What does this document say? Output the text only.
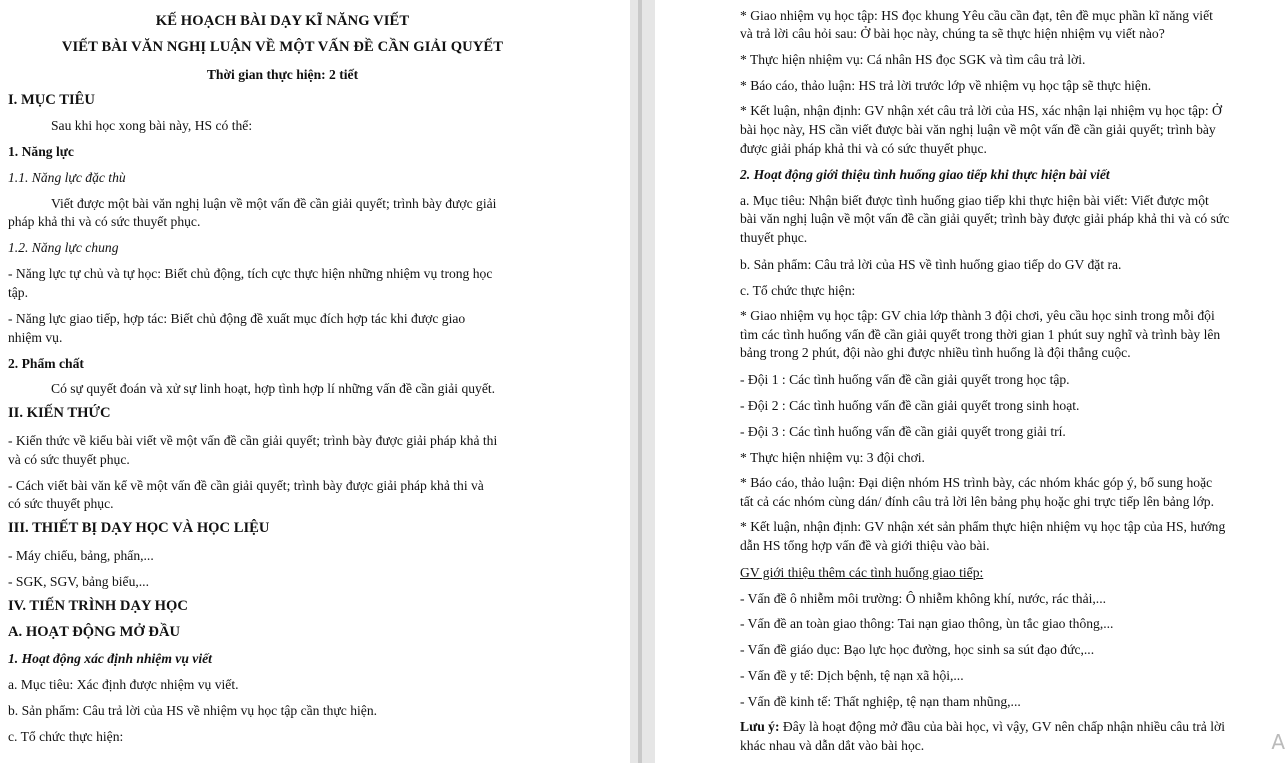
KẾ HOẠCH BÀI DẠY KĨ NĂNG VIẾT
VIẾT BÀI VĂN NGHỊ LUẬN VỀ MỘT VẤN ĐỀ CẦN GIẢI QUYẾT
Thời gian thực hiện: 2 tiết
I. MỤC TIÊU
Sau khi học xong bài này, HS có thể:
1. Năng lực
1.1. Năng lực đặc thù
Viết được một bài văn nghị luận về một vấn đề cần giải quyết; trình bày được giải
pháp khả thi và có sức thuyết phục.
1.2. Năng lực chung
- Năng lực tự chủ và tự học: Biết chủ động, tích cực thực hiện những nhiệm vụ trong học
tập.
- Năng lực giao tiếp, hợp tác: Biết chủ động đề xuất mục đích hợp tác khi được giao
nhiệm vụ.
2. Phẩm chất
Có sự quyết đoán và xử sự linh hoạt, hợp tình hợp lí những vấn đề cần giải quyết.
II. KIẾN THỨC
- Kiến thức về kiểu bài viết về một vấn đề cần giải quyết; trình bày được giải pháp khả thi
và có sức thuyết phục.
- Cách viết bài văn kể về một vấn đề cần giải quyết; trình bày được giải pháp khả thi và
có sức thuyết phục.
III. THIẾT BỊ DẠY HỌC VÀ HỌC LIỆU
- Máy chiếu, bảng, phấn,...
- SGK, SGV, bảng biểu,...
IV. TIẾN TRÌNH DẠY HỌC
A. HOẠT ĐỘNG MỞ ĐẦU
1. Hoạt động xác định nhiệm vụ viết
a. Mục tiêu: Xác định được nhiệm vụ viết.
b. Sản phẩm: Câu trả lời của HS về nhiệm vụ học tập cần thực hiện.
c. Tổ chức thực hiện:
* Giao nhiệm vụ học tập: HS đọc khung Yêu cầu cần đạt, tên đề mục phần kĩ năng viết
và trả lời câu hỏi sau: Ở bài học này, chúng ta sẽ thực hiện nhiệm vụ viết nào?
* Thực hiện nhiệm vụ: Cá nhân HS đọc SGK và tìm câu trả lời.
* Báo cáo, thảo luận: HS trả lời trước lớp về nhiệm vụ học tập sẽ thực hiện.
* Kết luận, nhận định: GV nhận xét câu trả lời của HS, xác nhận lại nhiệm vụ học tập: Ở
bài học này, HS cần viết được bài văn nghị luận về một vấn đề cần giải quyết; trình bày
được giải pháp khả thi và có sức thuyết phục.
2. Hoạt động giới thiệu tình huống giao tiếp khi thực hiện bài viết
a. Mục tiêu: Nhận biết được tình huống giao tiếp khi thực hiện bài viết: Viết được một
bài văn nghị luận về một vấn đề cần giải quyết; trình bày được giải pháp khả thi và có sức
thuyết phục.
b. Sản phẩm: Câu trả lời của HS về tình huống giao tiếp do GV đặt ra.
c. Tổ chức thực hiện:
* Giao nhiệm vụ học tập: GV chia lớp thành 3 đội chơi, yêu cầu học sinh trong mỗi đội
tìm các tình huống vấn đề cần giải quyết trong thời gian 1 phút suy nghĩ và trình bày lên
bảng trong 2 phút, đội nào ghi được nhiều tình huống là đội thắng cuộc.
- Đội 1 : Các tình huống vấn đề cần giải quyết trong học tập.
- Đội 2 : Các tình huống vấn đề cần giải quyết trong sinh hoạt.
- Đội 3 : Các tình huống vấn đề cần giải quyết trong giải trí.
* Thực hiện nhiệm vụ: 3 đội chơi.
* Báo cáo, thảo luận: Đại diện nhóm HS trình bày, các nhóm khác góp ý, bổ sung hoặc
tất cả các nhóm cùng dán/ đính câu trả lời lên bảng phụ hoặc ghi trực tiếp lên bảng lớp.
* Kết luận, nhận định: GV nhận xét sản phẩm thực hiện nhiệm vụ học tập của HS, hướng
dẫn HS tổng hợp vấn đề và giới thiệu vào bài.
GV giới thiệu thêm các tình huống giao tiếp:
- Vấn đề ô nhiễm môi trường: Ô nhiễm không khí, nước, rác thải,...
- Vấn đề an toàn giao thông: Tai nạn giao thông, ùn tắc giao thông,...
- Vấn đề giáo dục: Bạo lực học đường, học sinh sa sút đạo đức,...
- Vấn đề y tế: Dịch bệnh, tệ nạn xã hội,...
- Vấn đề kinh tế: Thất nghiệp, tệ nạn tham nhũng,...
Lưu ý: Đây là hoạt động mở đầu của bài học, vì vậy, GV nên chấp nhận nhiều câu trả lời
khác nhau và dẫn dắt vào bài học.	A
